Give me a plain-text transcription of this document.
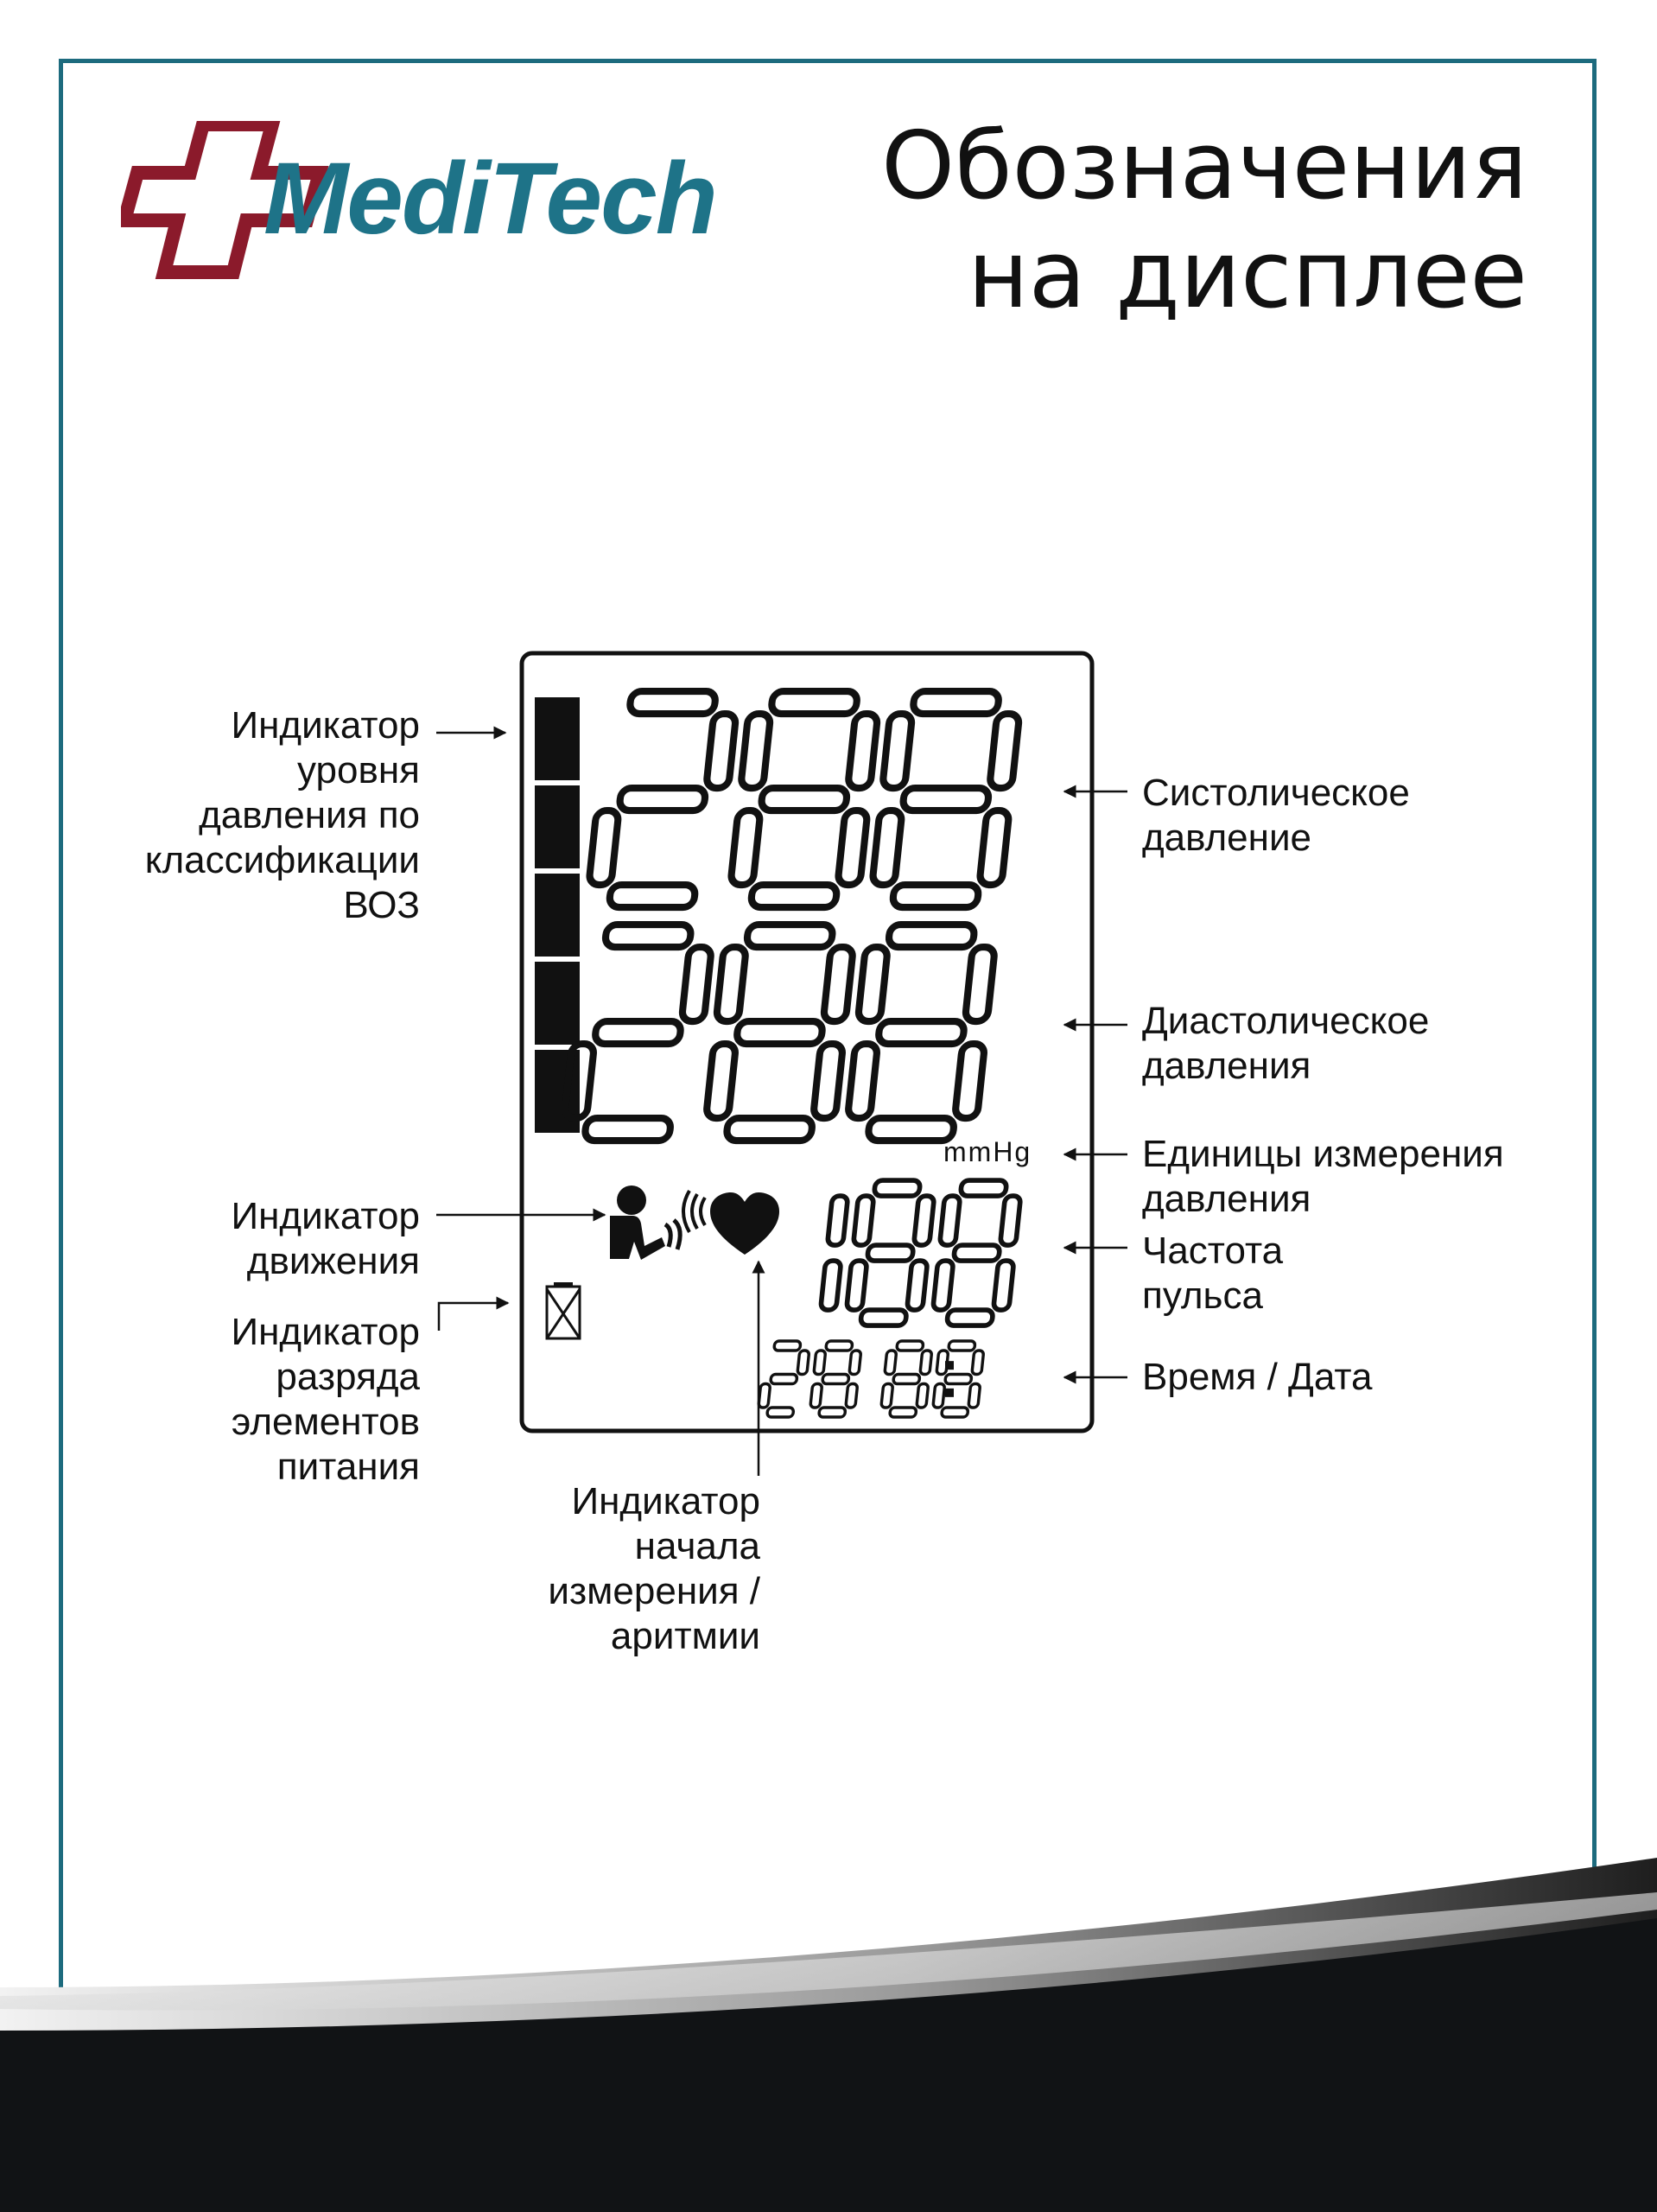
MediTech Обозначения
на дисплее
Индикатор
уровня
давления по
классификации
ВОЗ
Индикатор
движения
Индикатор
разряда
элементов
питания
Индикатор
начала
измерения /
аритмии
Систолическое
давление
Диастолическое
давления
Единицы измерения
давления
Частота
пульса
Время / Дата
mmHg
